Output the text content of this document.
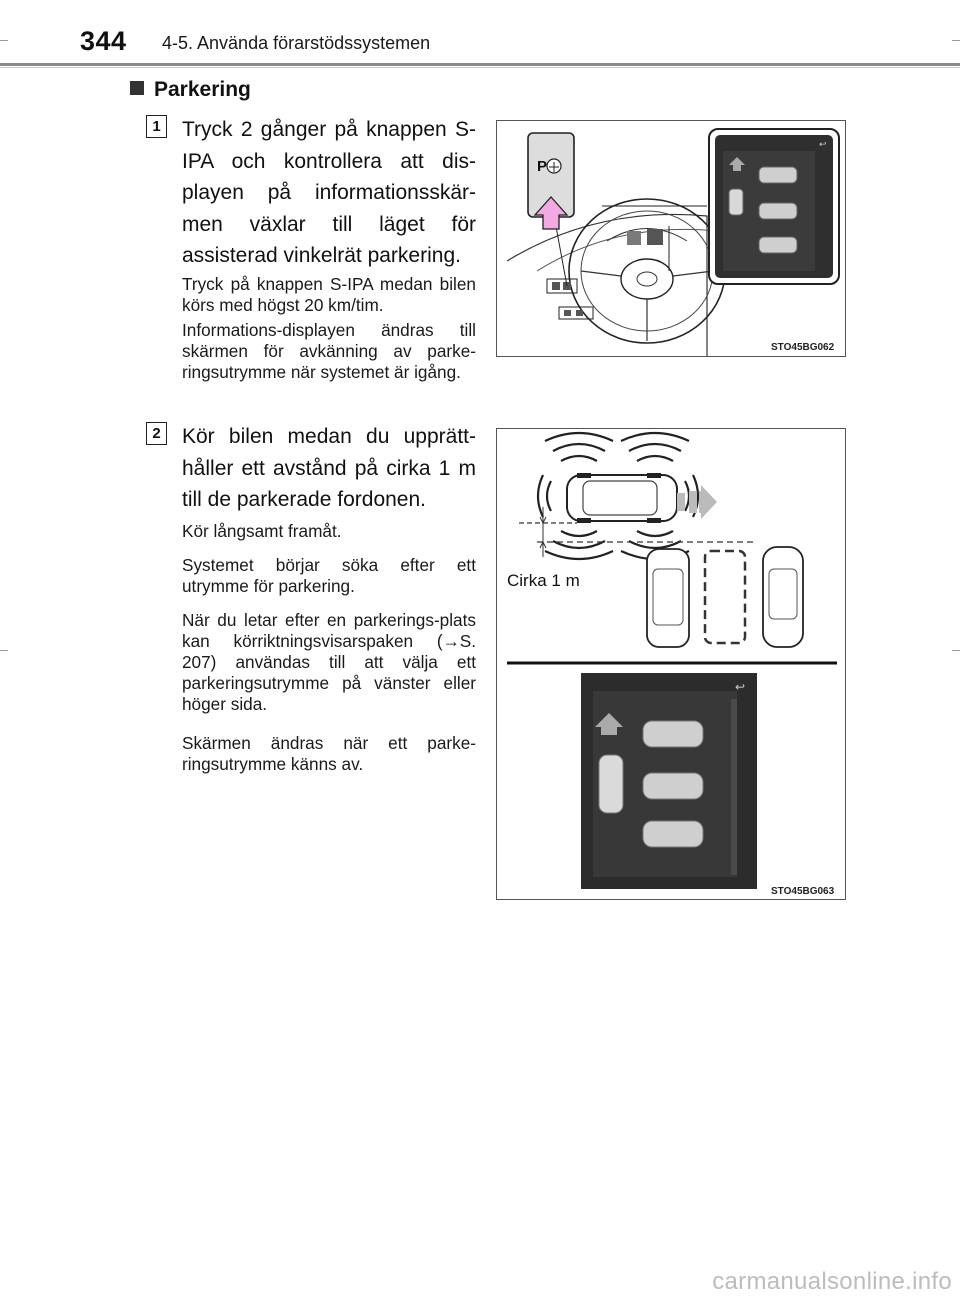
344 4-5. Använda förarstödssystemen
Parkering
1	Tryck 2 gånger på knappen S-IPA och kontrollera att dis-playen på informationsskär-men växlar till läget för assisterad vinkelrät parkering.
Tryck på knappen S-IPA medan bilen körs med högst 20 km/tim.
Informations-displayen ändras till skärmen för avkänning av parke-ringsutrymme när systemet är igång.
2	Kör bilen medan du upprätt-håller ett avstånd på cirka 1 m till de parkerade fordonen.
Kör långsamt framåt.
Systemet börjar söka efter ett utrymme för parkering.
När du letar efter en parkerings-plats kan körriktningsvisarspaken (→S. 207) användas till att välja ett parkeringsutrymme på vänster eller höger sida.
Skärmen ändras när ett parke-ringsutrymme känns av.
P
↩
STO45BG062
Cirka 1 m
↩
STO45BG063
carmanualsonline.info
